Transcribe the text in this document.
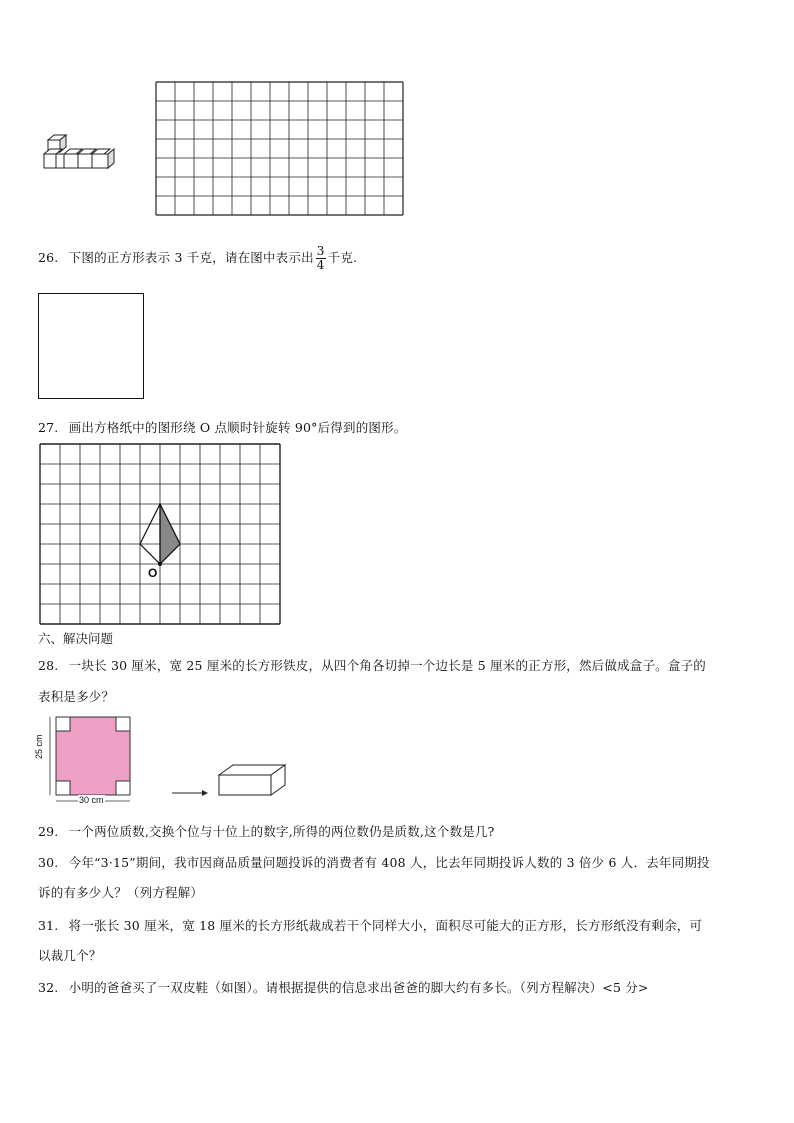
26. 下图的正方形表示 3 千克，请在图中表示出 $\frac{3}{4}$ 千克.
27. 画出方格纸中的图形绕 O 点顺时针旋转 90°后得到的图形。
O
六、解决问题
28. 一块长 30 厘米，宽 25 厘米的长方形铁皮，从四个角各切掉一个边长是 5 厘米的正方形，然后做成盒子。盒子的
表积是多少？
25 cm
30 cm
29. 一个两位质数,交换个位与十位上的数字,所得的两位数仍是质数,这个数是几?
30. 今年“3·15”期间，我市因商品质量问题投诉的消费者有 408 人，比去年同期投诉人数的 3 倍少 6 人．去年同期投
诉的有多少人？（列方程解）
31. 将一张长 30 厘米，宽 18 厘米的长方形纸裁成若干个同样大小，面积尽可能大的正方形，长方形纸没有剩余，可
以裁几个？
32. 小明的爸爸买了一双皮鞋（如图）。请根据提供的信息求出爸爸的脚大约有多长。（列方程解决）<5 分>
